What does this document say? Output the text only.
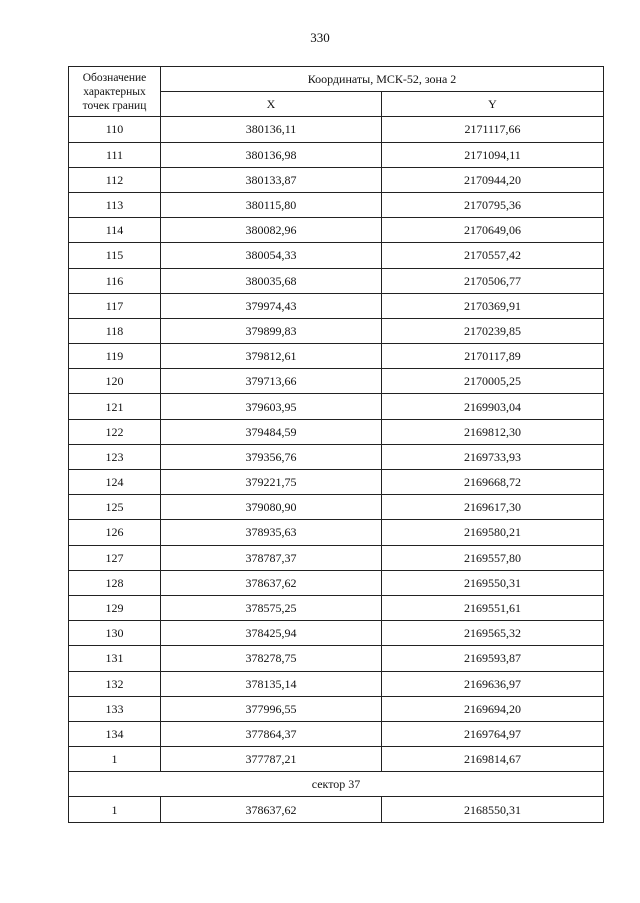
330
Обозначение характерных точек границ	Координаты, МСК-52, зона 2	
	X	Y
110	380136,11	2171117,66
111	380136,98	2171094,11
112	380133,87	2170944,20
113	380115,80	2170795,36
114	380082,96	2170649,06
115	380054,33	2170557,42
116	380035,68	2170506,77
117	379974,43	2170369,91
118	379899,83	2170239,85
119	379812,61	2170117,89
120	379713,66	2170005,25
121	379603,95	2169903,04
122	379484,59	2169812,30
123	379356,76	2169733,93
124	379221,75	2169668,72
125	379080,90	2169617,30
126	378935,63	2169580,21
127	378787,37	2169557,80
128	378637,62	2169550,31
129	378575,25	2169551,61
130	378425,94	2169565,32
131	378278,75	2169593,87
132	378135,14	2169636,97
133	377996,55	2169694,20
134	377864,37	2169764,97
1	377787,21	2169814,67
сектор 37		
1	378637,62	2168550,31
